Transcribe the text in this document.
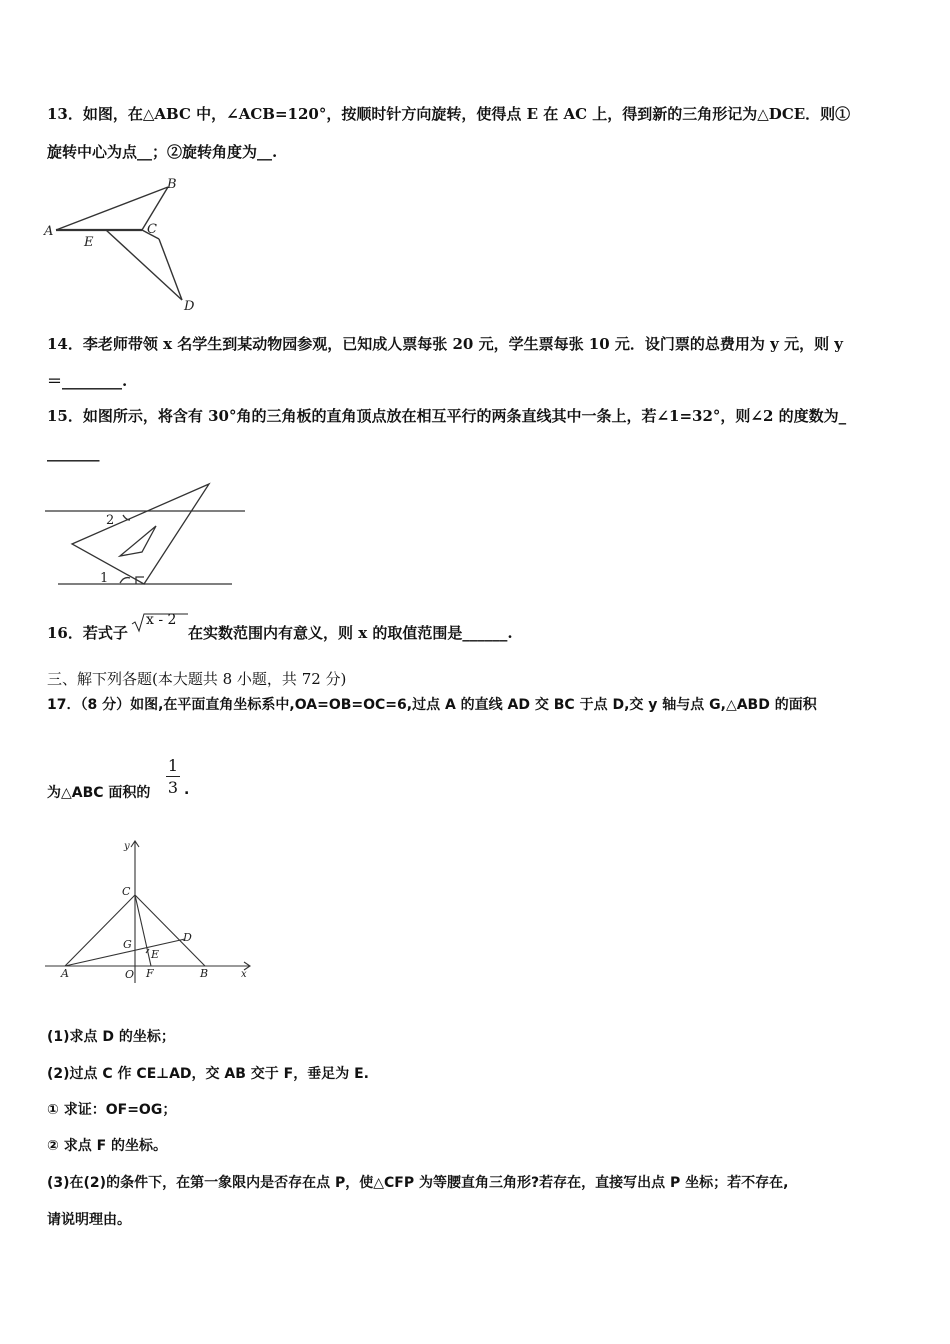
13．如图，在△ABC 中，∠ACB=120°，按顺时针方向旋转，使得点 E 在 AC 上，得到新的三角形记为△DCE．则①
旋转中心为点__；②旋转角度为__.
A
B
C
E
D
14．李老师带领 x 名学生到某动物园参观，已知成人票每张 20 元，学生票每张 10 元．设门票的总费用为 y 元，则 y
＝________.
15．如图所示，将含有 30°角的三角板的直角顶点放在相互平行的两条直线其中一条上，若∠1=32°，则∠2 的度数为_
_______
2
1
16．若式子
x - 2
在实数范围内有意义，则 x 的取值范围是______.
三、解下列各题(本大题共 8 小题，共 72 分)
17．（8 分）如图,在平面直角坐标系中,OA=OB=OC=6,过点 A 的直线 AD 交 BC 于点 D,交 y 轴与点 G,△ABD 的面积
为△ABC 面积的
1
3 .
y
x
C
D
G
E
A	O F	B
(1)求点 D 的坐标；
(2)过点 C 作 CE⊥AD，交 AB 交于 F，垂足为 E.
① 求证：OF=OG；
② 求点 F 的坐标。
(3)在(2)的条件下，在第一象限内是否存在点 P，使△CFP 为等腰直角三角形?若存在，直接写出点 P 坐标；若不存在,
请说明理由。
